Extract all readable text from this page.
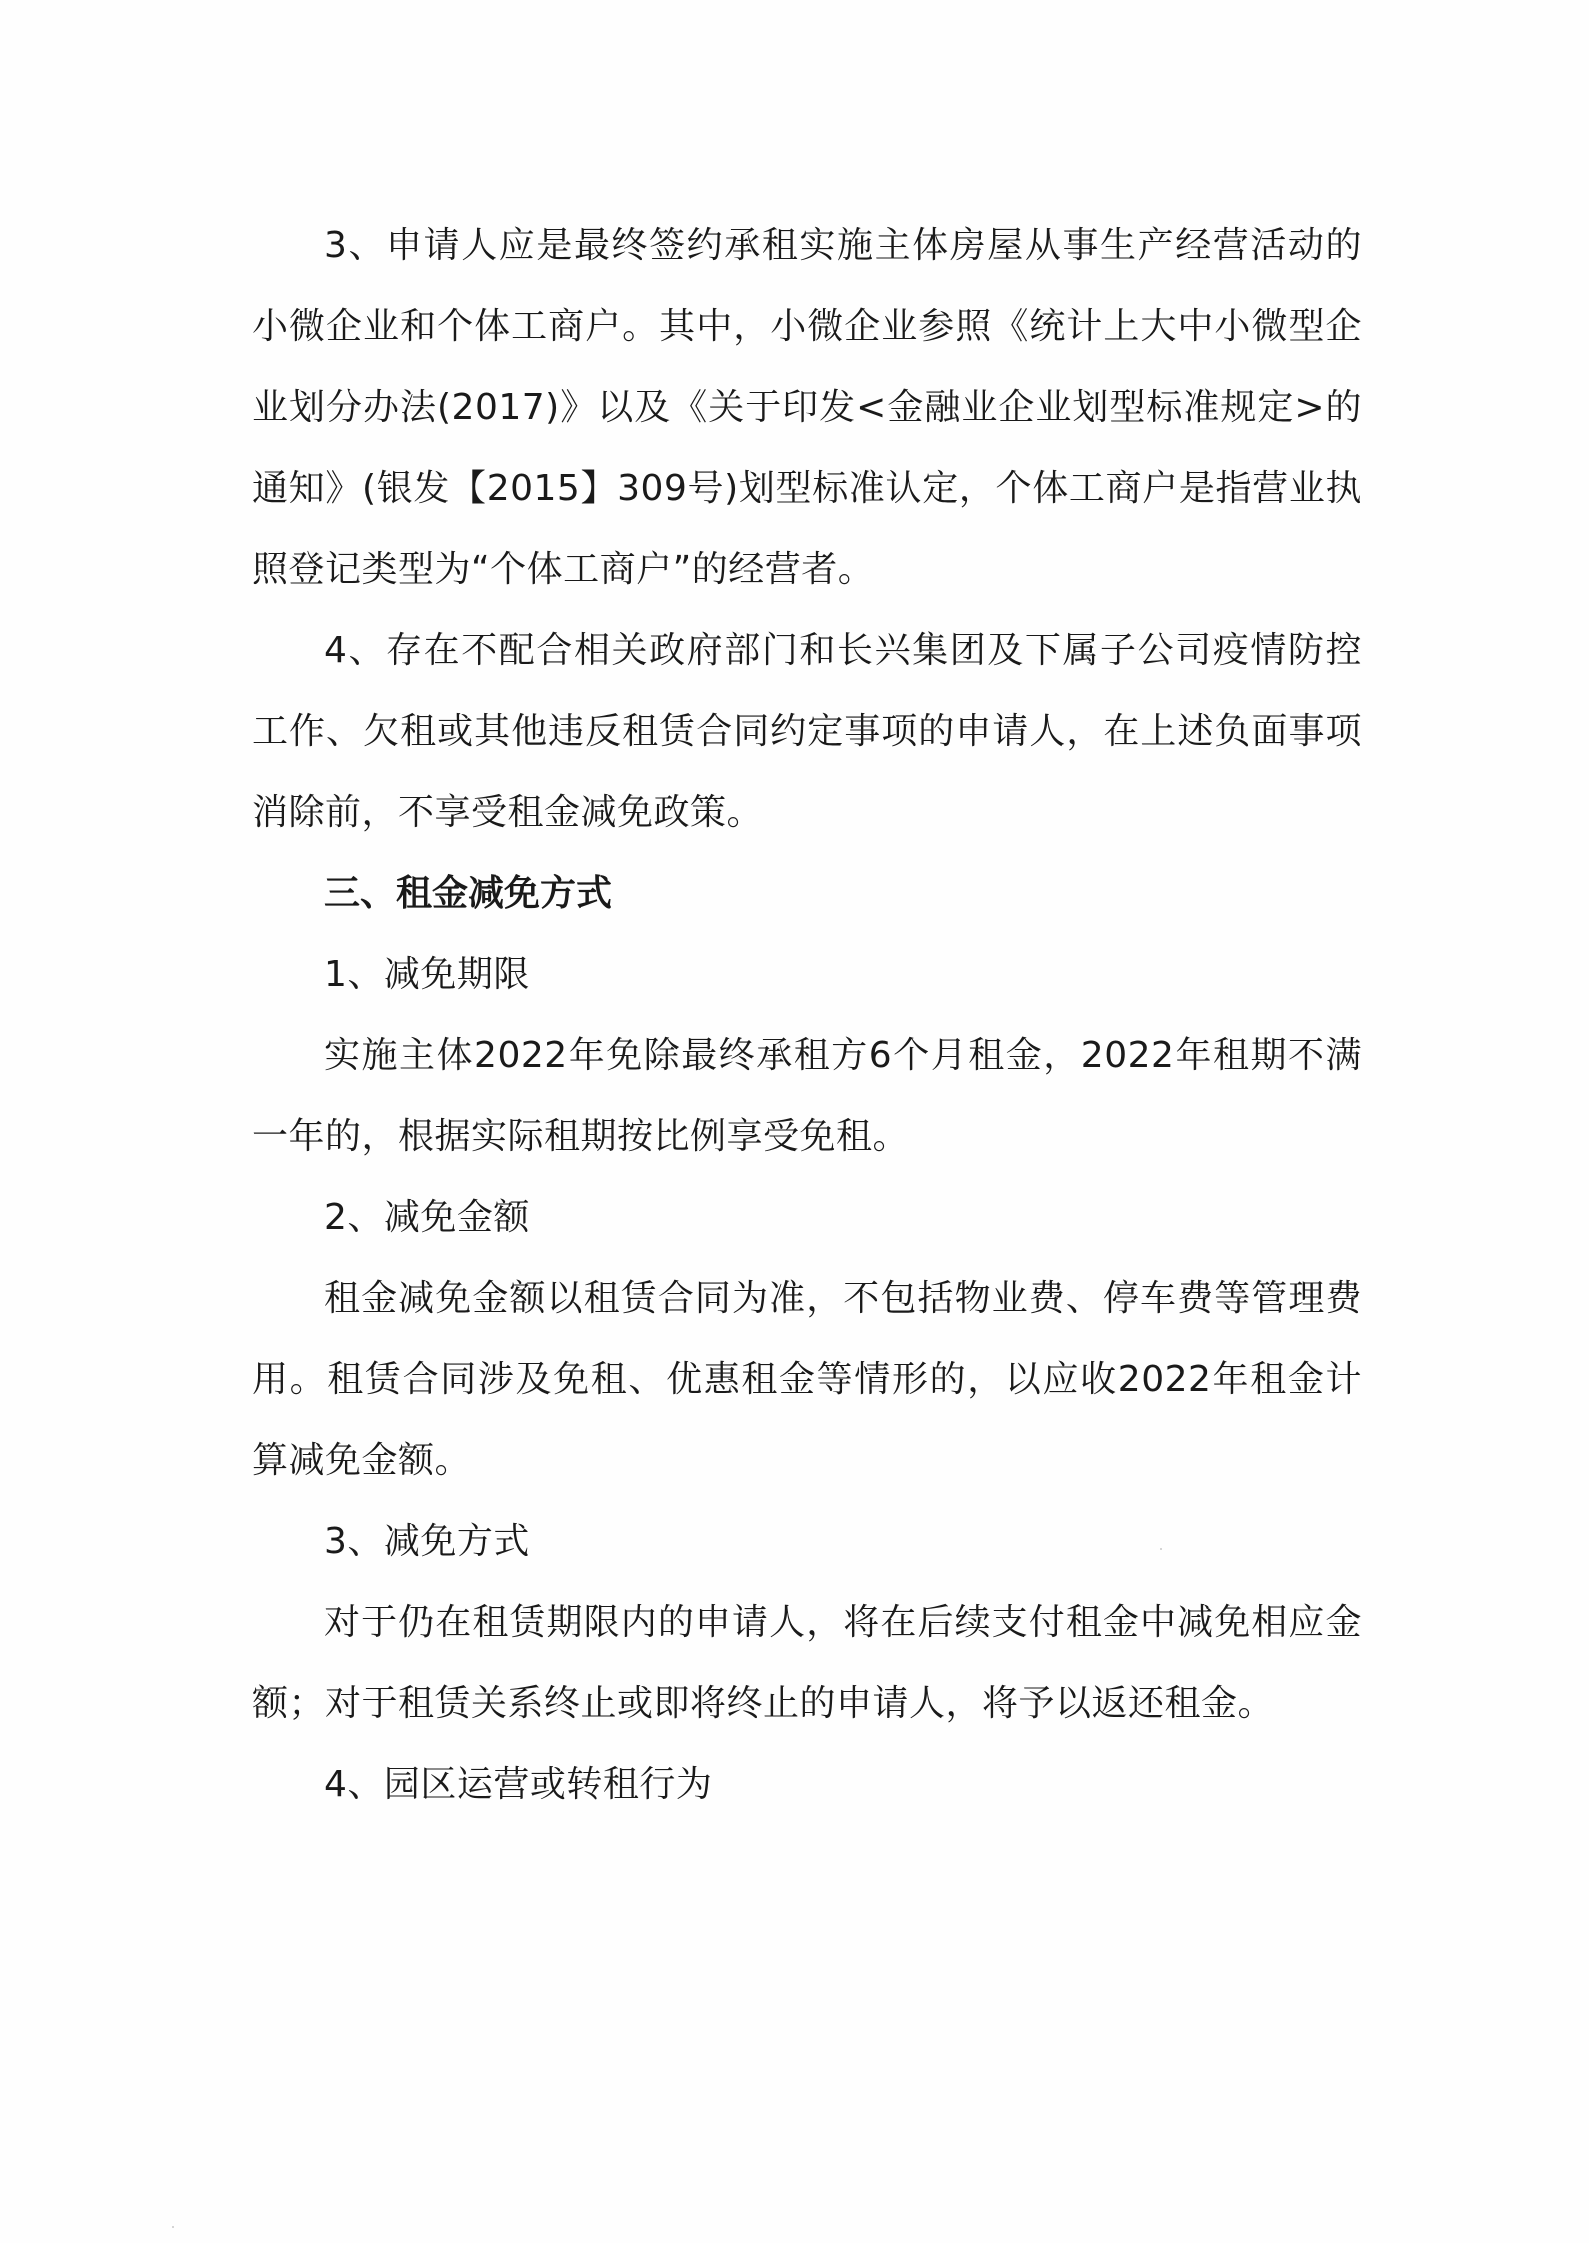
3、申请人应是最终签约承租实施主体房屋从事生产经营活动的小微企业和个体工商户。其中，小微企业参照《统计上大中小微型企业划分办法(2017)》以及《关于印发<金融业企业划型标准规定>的通知》(银发【2015】309号)划型标准认定，个体工商户是指营业执照登记类型为“个体工商户”的经营者。

4、存在不配合相关政府部门和长兴集团及下属子公司疫情防控工作、欠租或其他违反租赁合同约定事项的申请人，在上述负面事项消除前，不享受租金减免政策。

三、租金减免方式

1、减免期限

实施主体2022年免除最终承租方6个月租金，2022年租期不满一年的，根据实际租期按比例享受免租。

2、减免金额

租金减免金额以租赁合同为准，不包括物业费、停车费等管理费用。租赁合同涉及免租、优惠租金等情形的，以应收2022年租金计算减免金额。

3、减免方式

对于仍在租赁期限内的申请人，将在后续支付租金中减免相应金额；对于租赁关系终止或即将终止的申请人，将予以返还租金。

4、园区运营或转租行为
